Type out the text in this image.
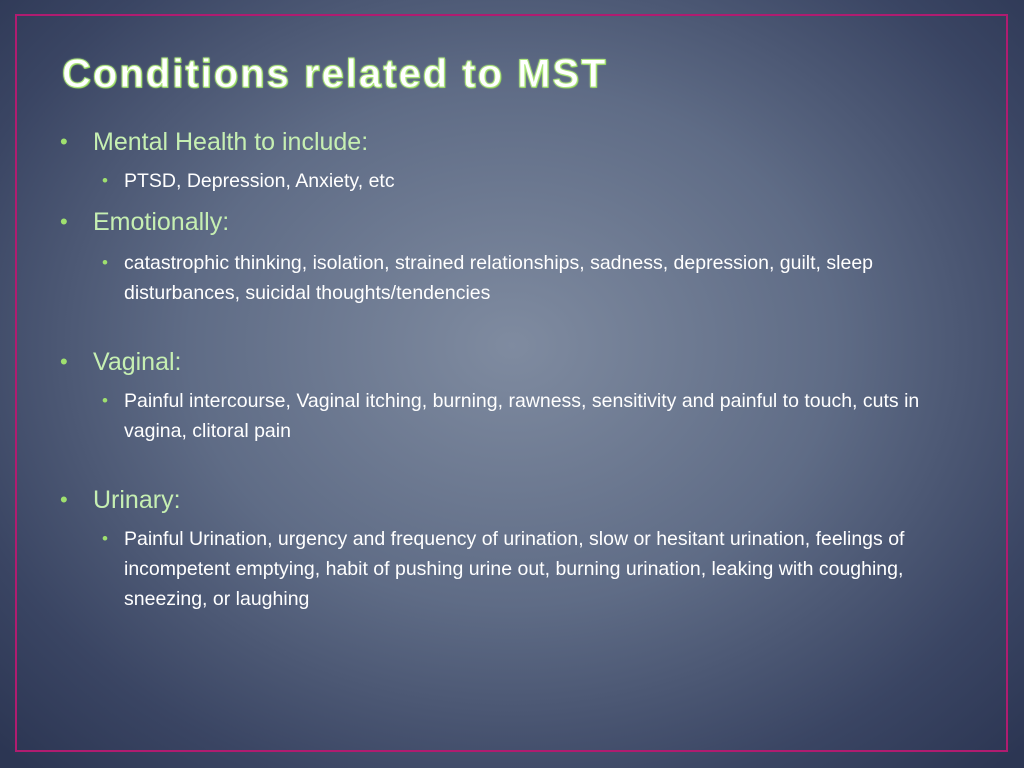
Conditions related to MST
• Mental Health to include:
• PTSD, Depression, Anxiety, etc
• Emotionally:
• catastrophic thinking, isolation, strained relationships, sadness, depression, guilt, sleep disturbances, suicidal thoughts/tendencies
• Vaginal:
• Painful intercourse, Vaginal itching, burning, rawness, sensitivity and painful to touch, cuts in vagina, clitoral pain
• Urinary:
• Painful Urination, urgency and frequency of urination, slow or hesitant urination, feelings of incompetent emptying, habit of pushing urine out, burning urination, leaking with coughing, sneezing, or laughing
